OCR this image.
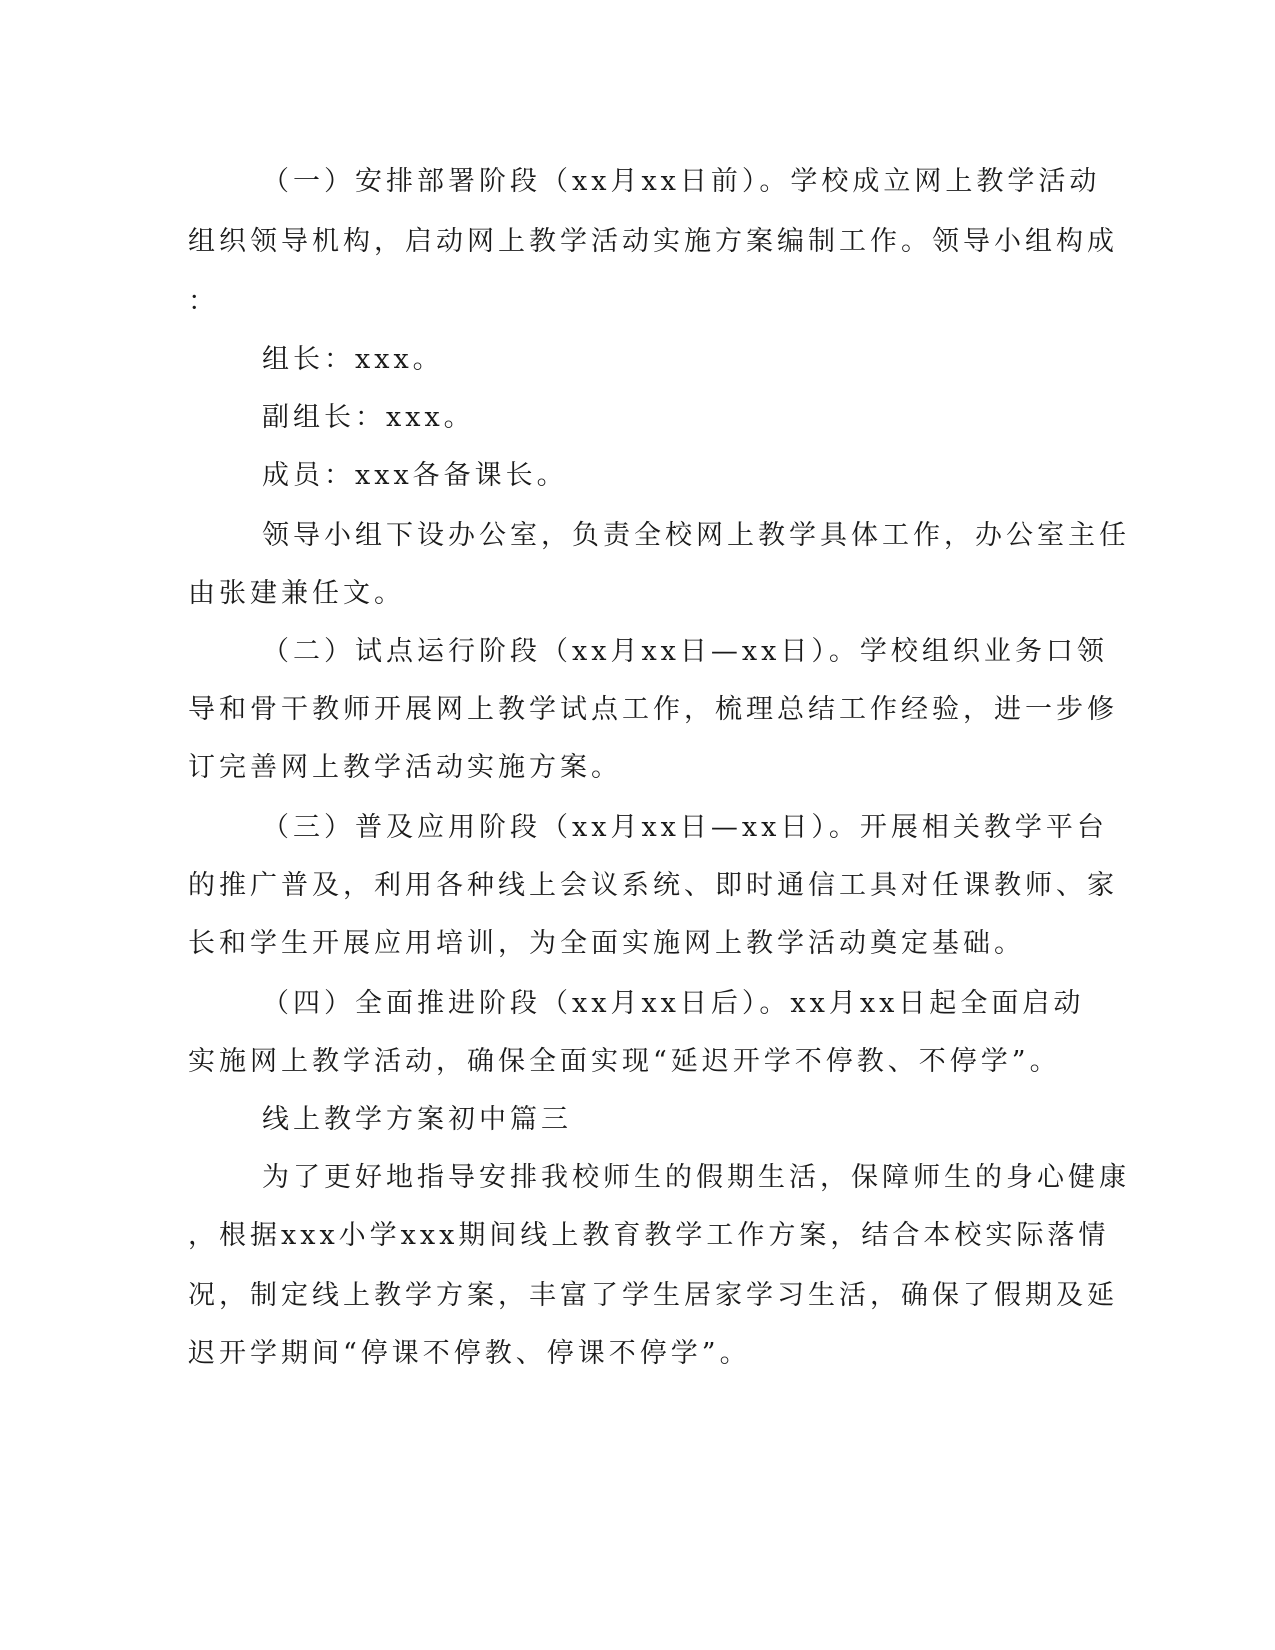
（一）安排部署阶段（xx月xx日前）。学校成立网上教学活动
组织领导机构，启动网上教学活动实施方案编制工作。领导小组构成
：
组长：xxx。
副组长：xxx。
成员：xxx各备课长。
领导小组下设办公室，负责全校网上教学具体工作，办公室主任
由张建兼任文。
（二）试点运行阶段（xx月xx日—xx日）。学校组织业务口领
导和骨干教师开展网上教学试点工作，梳理总结工作经验，进一步修
订完善网上教学活动实施方案。
（三）普及应用阶段（xx月xx日—xx日）。开展相关教学平台
的推广普及，利用各种线上会议系统、即时通信工具对任课教师、家
长和学生开展应用培训，为全面实施网上教学活动奠定基础。
（四）全面推进阶段（xx月xx日后）。xx月xx日起全面启动
实施网上教学活动，确保全面实现“延迟开学不停教、不停学”。
线上教学方案初中篇三
为了更好地指导安排我校师生的假期生活，保障师生的身心健康
，根据xxx小学xxx期间线上教育教学工作方案，结合本校实际落情
况，制定线上教学方案，丰富了学生居家学习生活，确保了假期及延
迟开学期间“停课不停教、停课不停学”。
